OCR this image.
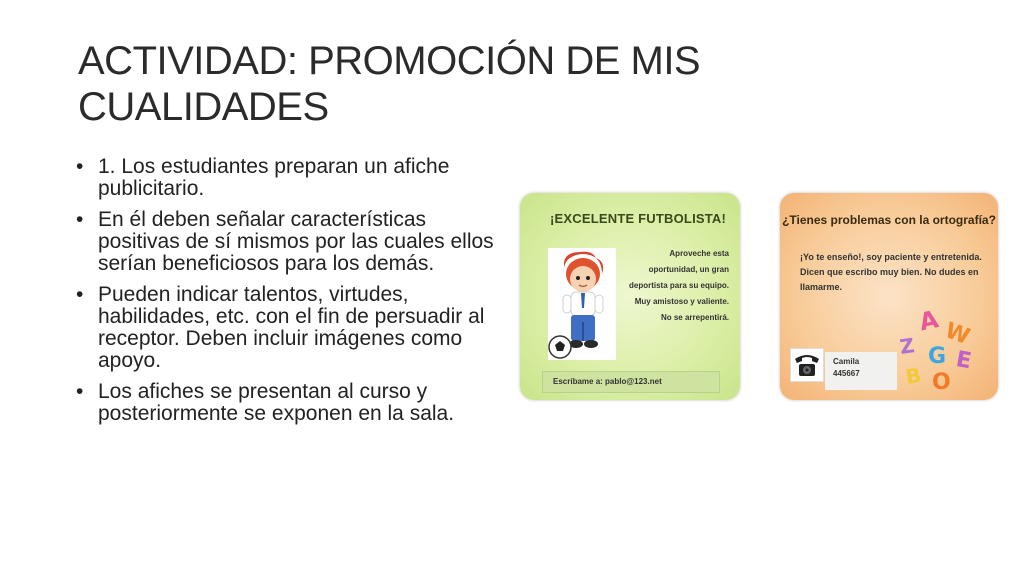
ACTIVIDAD: PROMOCIÓN DE MIS CUALIDADES
• 1. Los estudiantes preparan un afiche publicitario.
• En él deben señalar características positivas de sí mismos por las cuales ellos serían beneficiosos para los demás.
• Pueden indicar talentos, virtudes, habilidades, etc. con el fin de persuadir al receptor. Deben incluir imágenes como apoyo.
• Los afiches se presentan al curso y posteriormente se exponen en la sala.
¡EXCELENTE FUTBOLISTA!
Aproveche esta oportunidad, un gran deportista para su equipo. Muy amistoso y valiente. No se arrepentirá.
Escríbame a: pablo@123.net
¿Tienes problemas con la ortografía?
¡Yo te enseño!, soy paciente y entretenida. Dicen que escribo muy bien. No dudes en llamarme.
Camila
445667
A W
Z G E
B O
